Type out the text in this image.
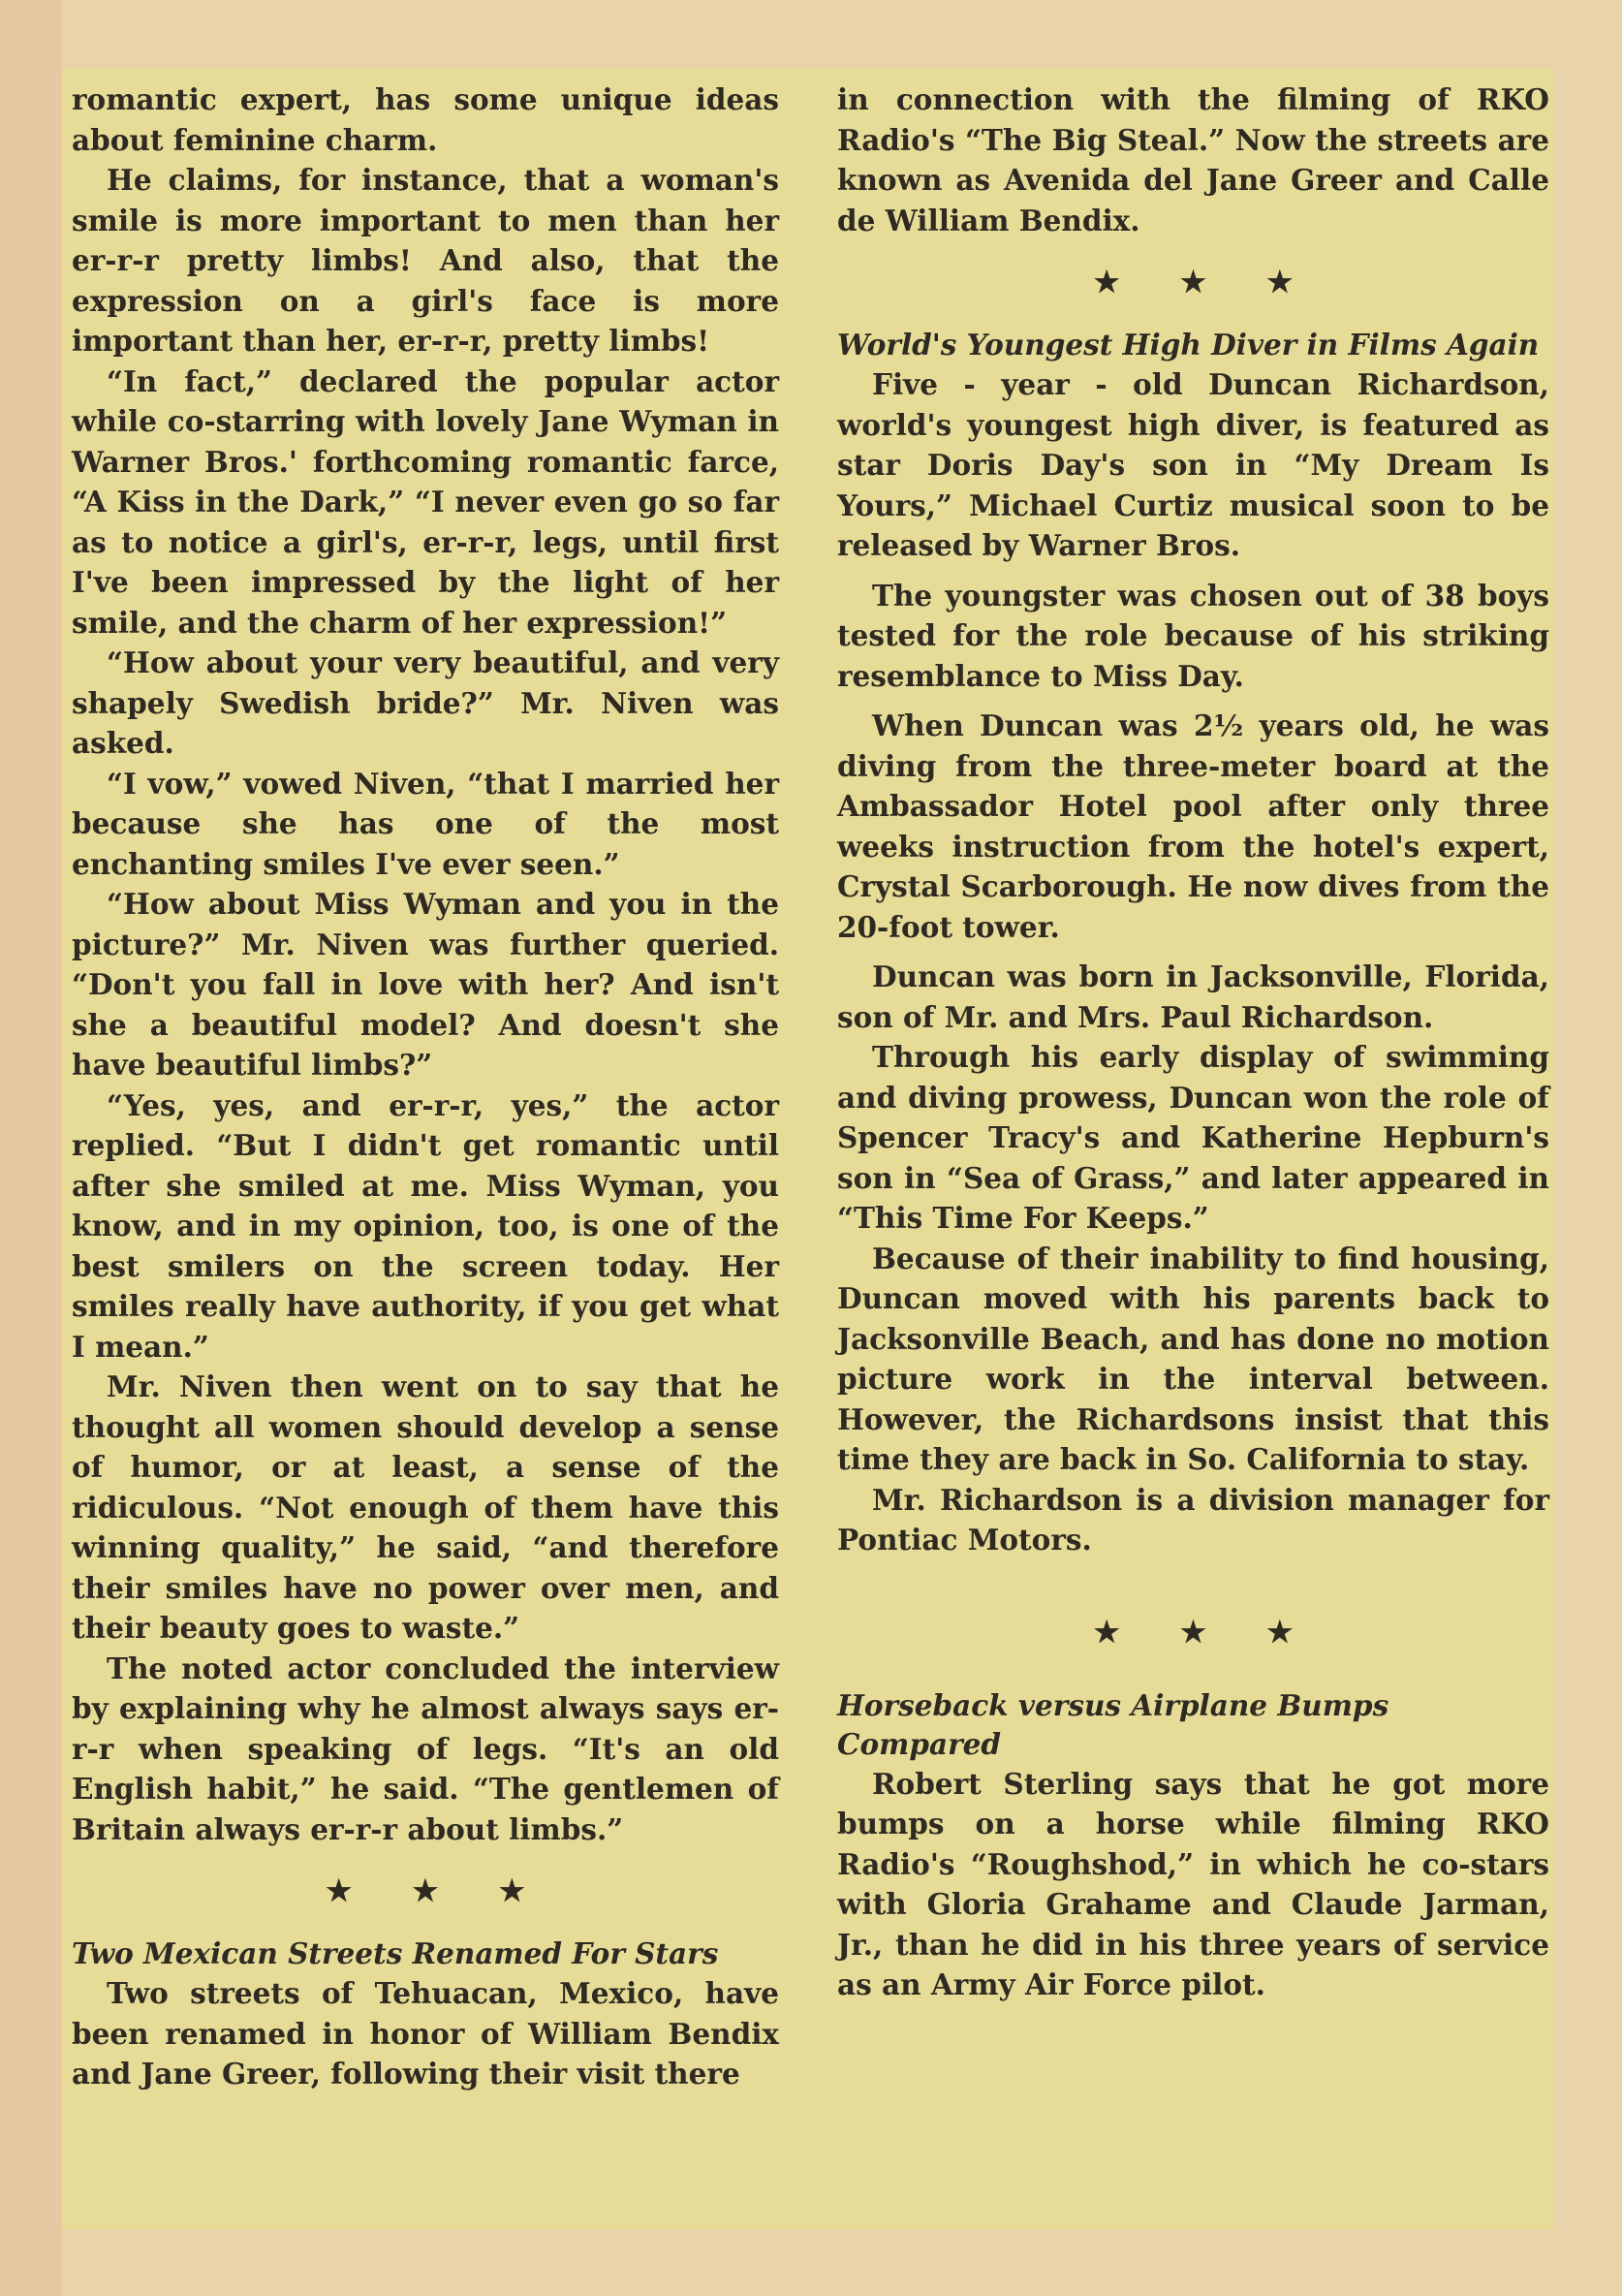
romantic expert, has some unique ideas about feminine charm.

He claims, for instance, that a woman's smile is more important to men than her er-r-r pretty limbs! And also, that the expression on a girl's face is more important than her, er-r-r, pretty limbs!

“In fact,” declared the popular actor while co-starring with lovely Jane Wyman in Warner Bros.' forthcoming romantic farce, “A Kiss in the Dark,” “I never even go so far as to notice a girl's, er-r-r, legs, until first I've been impressed by the light of her smile, and the charm of her expression!”

“How about your very beautiful, and very shapely Swedish bride?” Mr. Niven was asked.

“I vow,” vowed Niven, “that I married her because she has one of the most enchanting smiles I've ever seen.”

“How about Miss Wyman and you in the picture?” Mr. Niven was further queried. “Don't you fall in love with her? And isn't she a beautiful model? And doesn't she have beautiful limbs?”

“Yes, yes, and er-r-r, yes,” the actor replied. “But I didn't get romantic until after she smiled at me. Miss Wyman, you know, and in my opinion, too, is one of the best smilers on the screen today. Her smiles really have authority, if you get what I mean.”

Mr. Niven then went on to say that he thought all women should develop a sense of humor, or at least, a sense of the ridiculous. “Not enough of them have this winning quality,” he said, “and therefore their smiles have no power over men, and their beauty goes to waste.”

The noted actor concluded the interview by explaining why he almost always says er-r-r when speaking of legs. “It's an old English habit,” he said. “The gentlemen of Britain always er-r-r about limbs.”

★ ★ ★
Two Mexican Streets Renamed For Stars

Two streets of Tehuacan, Mexico, have been renamed in honor of William Bendix and Jane Greer, following their visit there

in connection with the filming of RKO Radio's “The Big Steal.” Now the streets are known as Avenida del Jane Greer and Calle de William Bendix.

★ ★ ★
World's Youngest High Diver in Films Again

Five - year - old Duncan Richardson, world's youngest high diver, is featured as star Doris Day's son in “My Dream Is Yours,” Michael Curtiz musical soon to be released by Warner Bros.

The youngster was chosen out of 38 boys tested for the role because of his striking resemblance to Miss Day.

When Duncan was 2½ years old, he was diving from the three-meter board at the Ambassador Hotel pool after only three weeks instruction from the hotel's expert, Crystal Scarborough. He now dives from the 20-foot tower.

Duncan was born in Jacksonville, Florida, son of Mr. and Mrs. Paul Richardson.

Through his early display of swimming and diving prowess, Duncan won the role of Spencer Tracy's and Katherine Hepburn's son in “Sea of Grass,” and later appeared in “This Time For Keeps.”

Because of their inability to find housing, Duncan moved with his parents back to Jacksonville Beach, and has done no motion picture work in the interval between. However, the Richardsons insist that this time they are back in So. California to stay.

Mr. Richardson is a division manager for Pontiac Motors.

★ ★ ★
Horseback versus Airplane Bumps Compared

Robert Sterling says that he got more bumps on a horse while filming RKO Radio's “Roughshod,” in which he co-stars with Gloria Grahame and Claude Jarman, Jr., than he did in his three years of service as an Army Air Force pilot.
